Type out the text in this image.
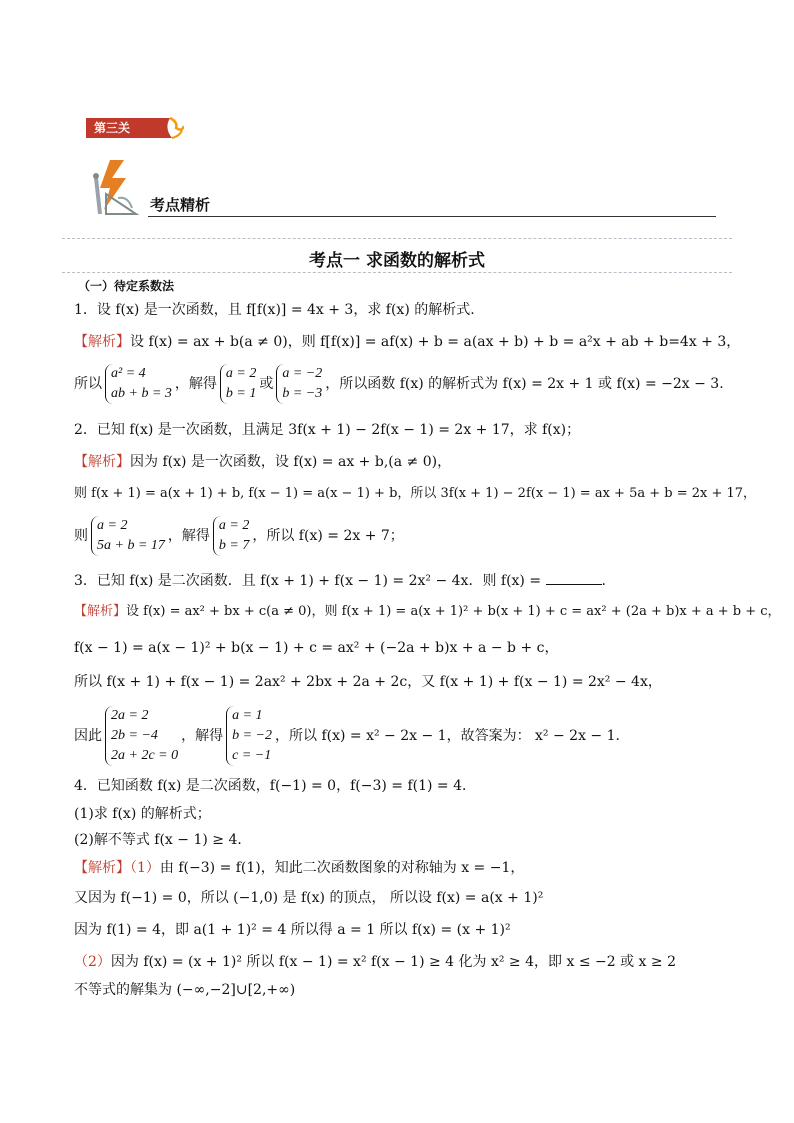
第三关
考点精析
考点一 求函数的解析式
（一）待定系数法
1．设 f(x) 是一次函数，且 f[f(x)] = 4x + 3，求 f(x) 的解析式.
【解析】设 f(x) = ax + b(a ≠ 0)，则 f[f(x)] = af(x) + b = a(ax + b) + b = a²x + ab + b=4x + 3，
所以
a² = 4
ab + b = 3
，解得
a = 2
b = 1
或
a = −2
b = −3
，所以函数 f(x) 的解析式为 f(x) = 2x + 1 或 f(x) = −2x − 3.
2．已知 f(x) 是一次函数，且满足 3f(x + 1) − 2f(x − 1) = 2x + 17，求 f(x)；
【解析】因为 f(x) 是一次函数，设 f(x) = ax + b,(a ≠ 0)，
则 f(x + 1) = a(x + 1) + b, f(x − 1) = a(x − 1) + b，所以 3f(x + 1) − 2f(x − 1) = ax + 5a + b = 2x + 17，
则
a = 2
5a + b = 17
，解得
a = 2
b = 7
，所以 f(x) = 2x + 7；
3．已知 f(x) 是二次函数．且 f(x + 1) + f(x − 1) = 2x² − 4x．则 f(x) =	.
【解析】设 f(x) = ax² + bx + c(a ≠ 0)，则 f(x + 1) = a(x + 1)² + b(x + 1) + c = ax² + (2a + b)x + a + b + c，
f(x − 1) = a(x − 1)² + b(x − 1) + c = ax² + (−2a + b)x + a − b + c，
所以 f(x + 1) + f(x − 1) = 2ax² + 2bx + 2a + 2c，又 f(x + 1) + f(x − 1) = 2x² − 4x，
因此
2a = 2
2b = −4
2a + 2c = 0
，解得
a = 1
b = −2
c = −1
，所以 f(x) = x² − 2x − 1，故答案为： x² − 2x − 1.
4．已知函数 f(x) 是二次函数，f(−1) = 0，f(−3) = f(1) = 4．
(1)求 f(x) 的解析式；
(2)解不等式 f(x − 1) ≥ 4．
【解析】（1）由 f(−3) = f(1)，知此二次函数图象的对称轴为 x = −1，
又因为 f(−1) = 0，所以 (−1,0) 是 f(x) 的顶点， 所以设 f(x) = a(x + 1)²
因为 f(1) = 4，即 a(1 + 1)² = 4 所以得 a = 1 所以 f(x) = (x + 1)²
（2）因为 f(x) = (x + 1)² 所以 f(x − 1) = x² f(x − 1) ≥ 4 化为 x² ≥ 4，即 x ≤ −2 或 x ≥ 2
不等式的解集为 (−∞,−2]∪[2,+∞)
